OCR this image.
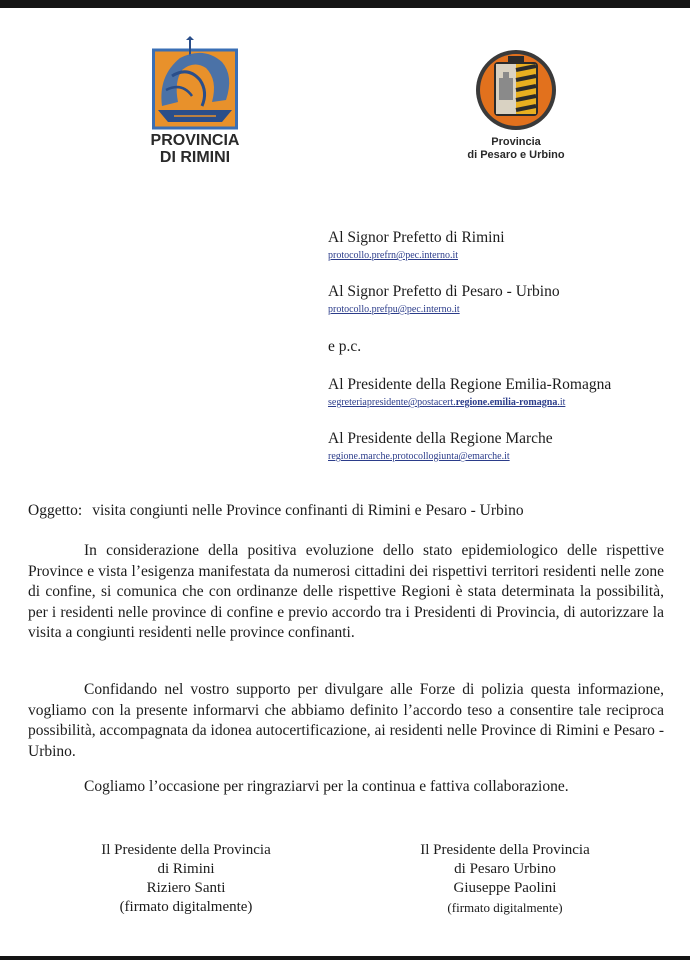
PROVINCIA
DI RIMINI
Provincia
di Pesaro e Urbino
Al Signor Prefetto di Rimini
protocollo.prefrn@pec.interno.it
Al Signor Prefetto di Pesaro - Urbino
protocollo.prefpu@pec.interno.it
e p.c.
Al Presidente della Regione Emilia-Romagna
segreteriapresidente@postacert.regione.emilia-romagna.it
Al Presidente della Regione Marche
regione.marche.protocollogiunta@emarche.it
Oggetto: visita congiunti nelle Province confinanti di Rimini e Pesaro - Urbino

In considerazione della positiva evoluzione dello stato epidemiologico delle rispettive Province e vista l’esigenza manifestata da numerosi cittadini dei rispettivi territori residenti nelle zone di confine, si comunica che con ordinanze delle rispettive Regioni è stata determinata la possibilità, per i residenti nelle province di confine e previo accordo tra i Presidenti di Provincia, di autorizzare la visita a congiunti residenti nelle province confinanti.

Confidando nel vostro supporto per divulgare alle Forze di polizia questa informazione, vogliamo con la presente informarvi che abbiamo definito l’accordo teso a consentire tale reciproca possibilità, accompagnata da idonea autocertificazione, ai residenti nelle Province di Rimini e Pesaro - Urbino.

Cogliamo l’occasione per ringraziarvi per la continua e fattiva collaborazione.

Il Presidente della Provincia
di Rimini
Riziero Santi
(firmato digitalmente)
Il Presidente della Provincia
di Pesaro Urbino
Giuseppe Paolini
(firmato digitalmente)
